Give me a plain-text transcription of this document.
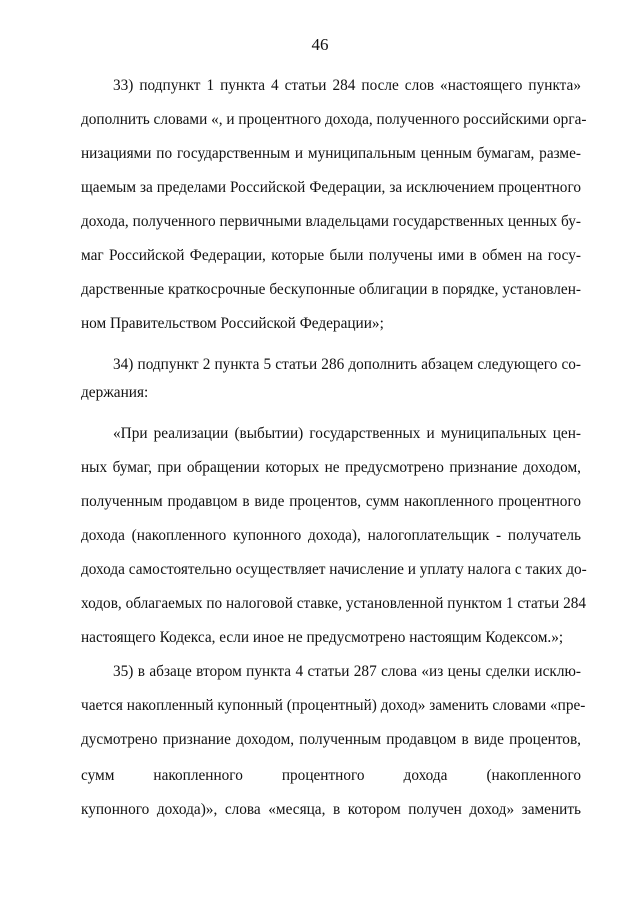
46
33) подпункт 1 пункта 4 статьи 284 после слов «настоящего пункта»
дополнить словами «, и процентного дохода, полученного российскими орга-
низациями по государственным и муниципальным ценным бумагам, разме-
щаемым за пределами Российской Федерации, за исключением процентного
дохода, полученного первичными владельцами государственных ценных бу-
маг Российской Федерации, которые были получены ими в обмен на госу-
дарственные краткосрочные бескупонные облигации в порядке, установлен-
ном Правительством Российской Федерации»;
34) подпункт 2 пункта 5 статьи 286 дополнить абзацем следующего со-
держания:
«При реализации (выбытии) государственных и муниципальных цен-
ных бумаг, при обращении которых не предусмотрено признание доходом,
полученным продавцом в виде процентов, сумм накопленного процентного
дохода (накопленного купонного дохода), налогоплательщик - получатель
дохода самостоятельно осуществляет начисление и уплату налога с таких до-
ходов, облагаемых по налоговой ставке, установленной пунктом 1 статьи 284
настоящего Кодекса, если иное не предусмотрено настоящим Кодексом.»;
35) в абзаце втором пункта 4 статьи 287 слова «из цены сделки исклю-
чается накопленный купонный (процентный) доход» заменить словами «пре-
дусмотрено признание доходом, полученным продавцом в виде процентов,
сумм накопленного процентного дохода (накопленного
купонного дохода)», слова «месяца, в котором получен доход» заменить
